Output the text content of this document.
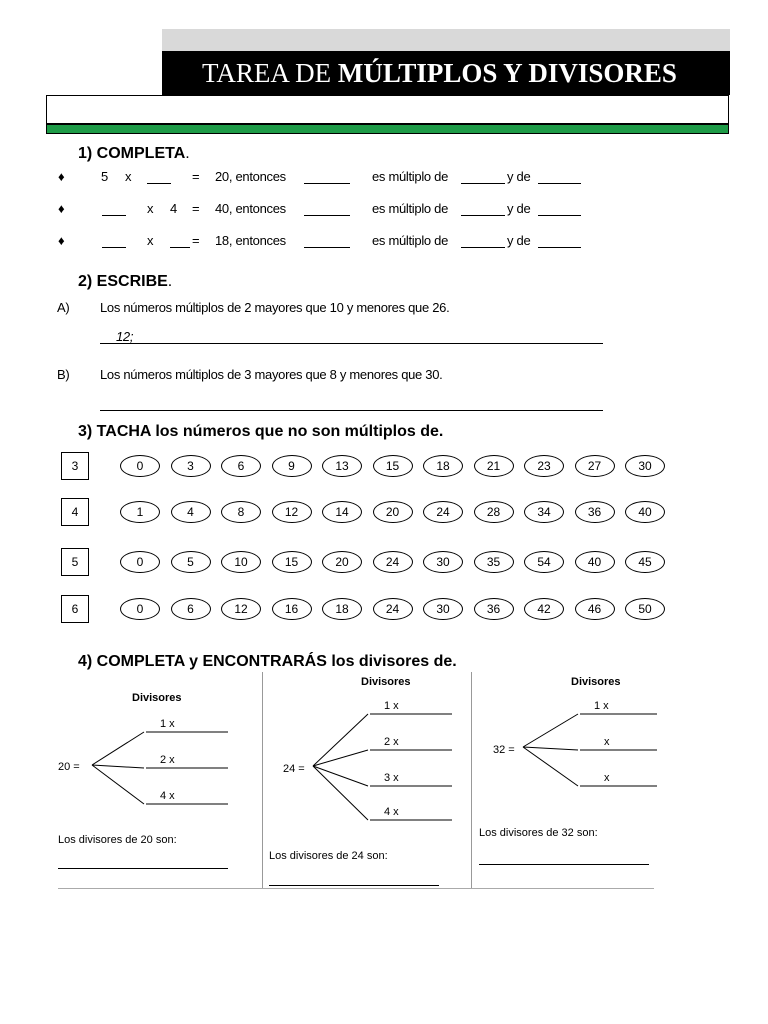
TAREA DE MÚLTIPLOS Y DIVISORES
1) COMPLETA.
♦	5 x	= 20, entonces	es múltiplo de	y de
♦	x 4 = 40, entonces	es múltiplo de	y de
♦	x	= 18, entonces	es múltiplo de	y de
2) ESCRIBE.
A) Los números múltiplos de 2 mayores que 10 y menores que 26.
12;
B) Los números múltiplos de 3 mayores que 8 y menores que 30.
3) TACHA los números que no son múltiplos de.
3	0	3	6	9	13	15	18	21	23	27	30
4	1	4	8	12	14	20	24	28	34	36	40
5	0	5	10	15	20	24	30	35	54	40	45
6	0	6	12	16	18	24	30	36	42	46	50
4) COMPLETA y ENCONTRARÁS los divisores de.
Divisores
20 =
1 x
2 x
4 x
Los divisores de 20 son:
Divisores
24 =
1 x
2 x
3 x
4 x
Los divisores de 24 son:
Divisores
32 =
1 x
x
x
Los divisores de 32 son:
